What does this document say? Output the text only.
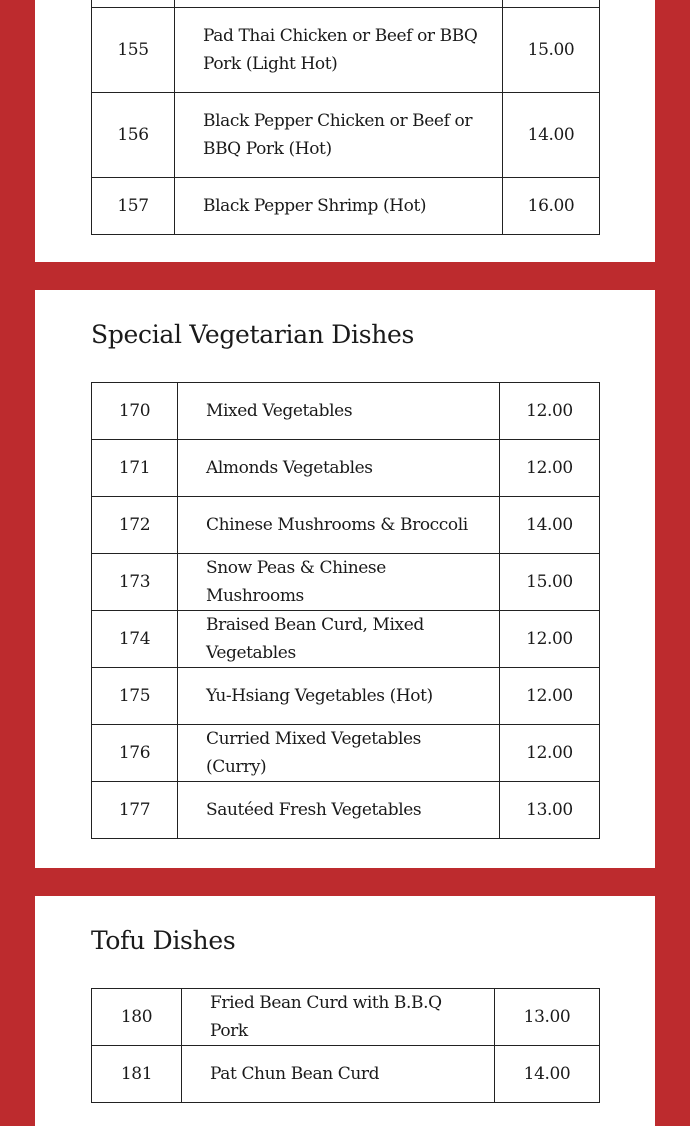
155	Pad Thai Chicken or Beef or BBQ Pork (Light Hot)	15.00
156	Black Pepper Chicken or Beef or BBQ Pork (Hot)	14.00
157	Black Pepper Shrimp (Hot)	16.00
Special Vegetarian Dishes
170	Mixed Vegetables	12.00
171	Almonds Vegetables	12.00
172	Chinese Mushrooms & Broccoli	14.00
173	Snow Peas & Chinese Mushrooms	15.00
174	Braised Bean Curd, Mixed Vegetables	12.00
175	Yu-Hsiang Vegetables (Hot)	12.00
176	Curried Mixed Vegetables (Curry)	12.00
177	Sautéed Fresh Vegetables	13.00
Tofu Dishes
180	Fried Bean Curd with B.B.Q Pork	13.00
181	Pat Chun Bean Curd	14.00
